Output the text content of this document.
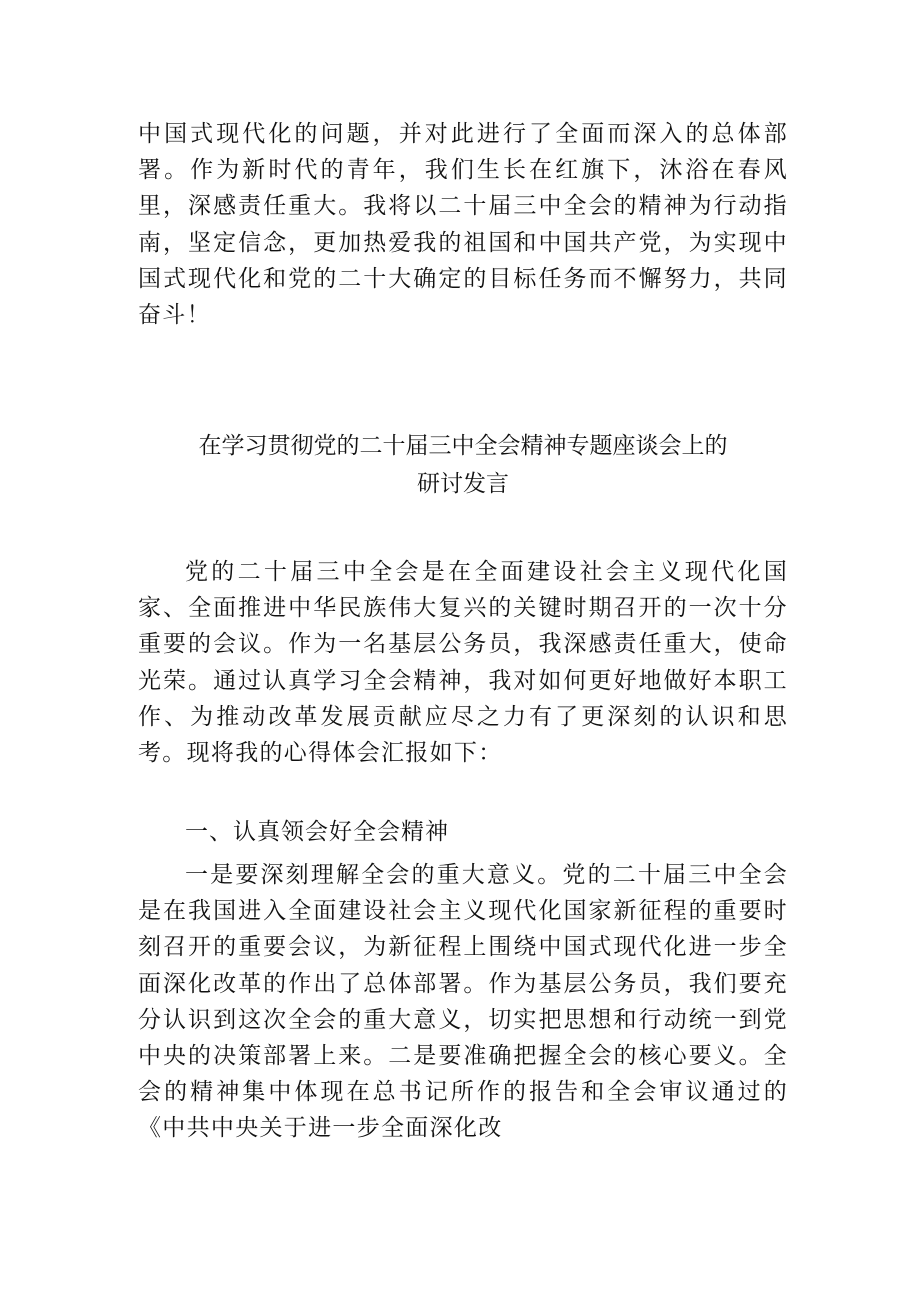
中国式现代化的问题，并对此进行了全面而深入的总体部署。作为新时代的青年，我们生长在红旗下，沐浴在春风里，深感责任重大。我将以二十届三中全会的精神为行动指南，坚定信念，更加热爱我的祖国和中国共产党，为实现中国式现代化和党的二十大确定的目标任务而不懈努力，共同奋斗！

在学习贯彻党的二十届三中全会精神专题座谈会上的
研讨发言

党的二十届三中全会是在全面建设社会主义现代化国家、全面推进中华民族伟大复兴的关键时期召开的一次十分重要的会议。作为一名基层公务员，我深感责任重大，使命光荣。通过认真学习全会精神，我对如何更好地做好本职工作、为推动改革发展贡献应尽之力有了更深刻的认识和思考。现将我的心得体会汇报如下：

一、认真领会好全会精神

一是要深刻理解全会的重大意义。党的二十届三中全会是在我国进入全面建设社会主义现代化国家新征程的重要时刻召开的重要会议，为新征程上围绕中国式现代化进一步全面深化改革的作出了总体部署。作为基层公务员，我们要充分认识到这次全会的重大意义，切实把思想和行动统一到党中央的决策部署上来。二是要准确把握全会的核心要义。全会的精神集中体现在总书记所作的报告和全会审议通过的《中共中央关于进一步全面深化改
